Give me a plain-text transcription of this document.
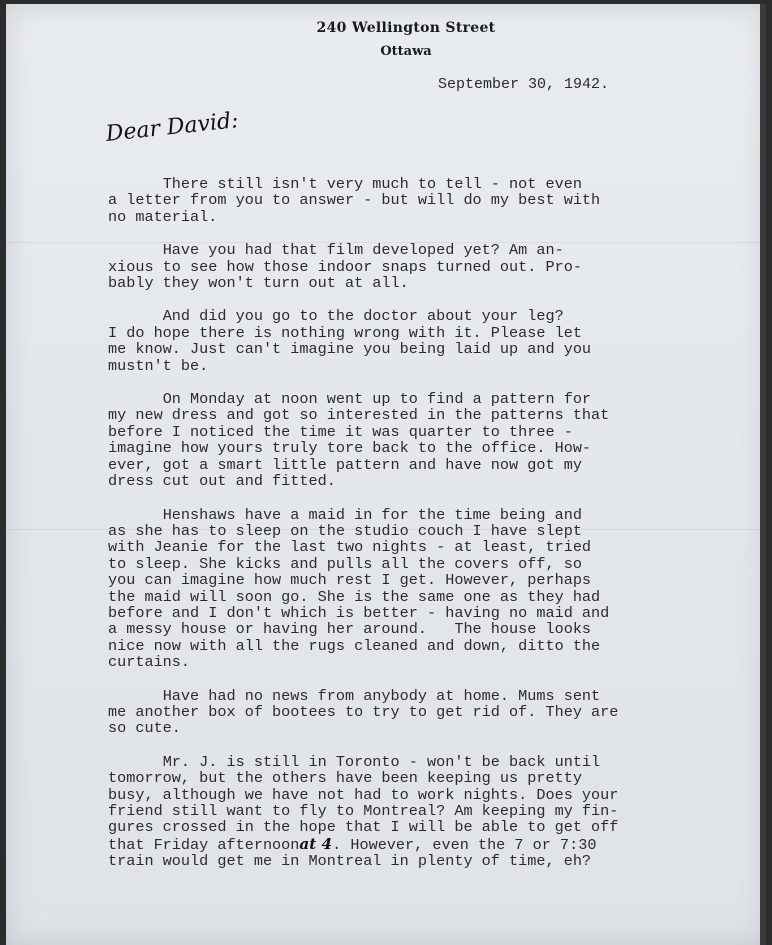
240 Wellington Street
Ottawa
September 30, 1942.
Dear David:

There still isn't very much to tell - not even
a letter from you to answer - but will do my best with
no material.

Have you had that film developed yet? Am an-
xious to see how those indoor snaps turned out. Pro-
bably they won't turn out at all.

And did you go to the doctor about your leg?
I do hope there is nothing wrong with it. Please let
me know. Just can't imagine you being laid up and you
mustn't be.

On Monday at noon went up to find a pattern for
my new dress and got so interested in the patterns that
before I noticed the time it was quarter to three -
imagine how yours truly tore back to the office. How-
ever, got a smart little pattern and have now got my
dress cut out and fitted.

Henshaws have a maid in for the time being and
as she has to sleep on the studio couch I have slept
with Jeanie for the last two nights - at least, tried
to sleep. She kicks and pulls all the covers off, so
you can imagine how much rest I get. However, perhaps
the maid will soon go. She is the same one as they had
before and I don't which is better - having no maid and
a messy house or having her around.   The house looks
nice now with all the rugs cleaned and down, ditto the
curtains.

Have had no news from anybody at home. Mums sent
me another box of bootees to try to get rid of. They are
so cute.

Mr. J. is still in Toronto - won't be back until
tomorrow, but the others have been keeping us pretty
busy, although we have not had to work nights. Does your
friend still want to fly to Montreal? Am keeping my fin-
gures crossed in the hope that I will be able to get off
that Friday afternoonat 4. However, even the 7 or 7:30
train would get me in Montreal in plenty of time, eh?
